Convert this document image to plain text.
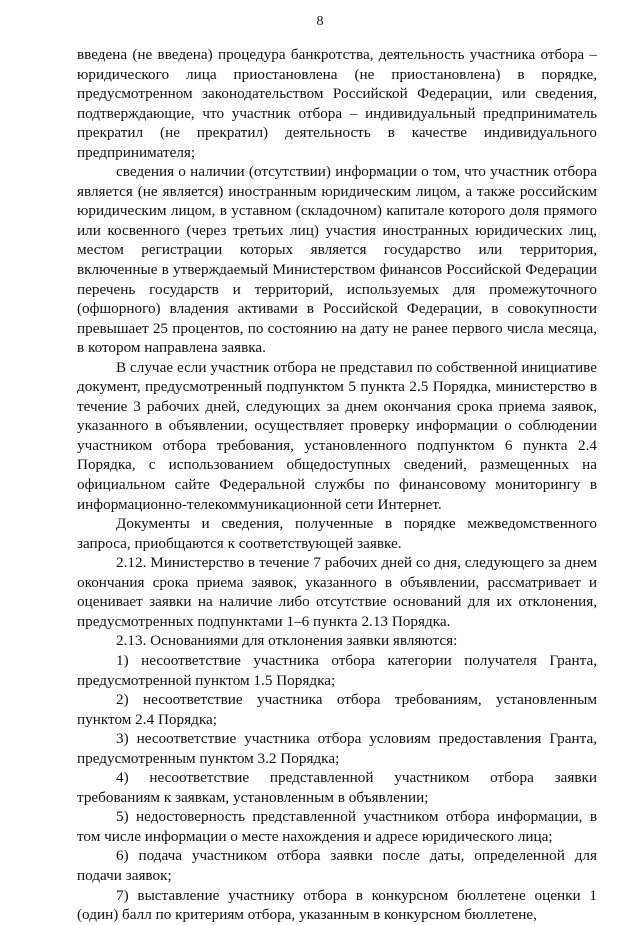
8

введена (не введена) процедура банкротства, деятельность участника отбора – юридического лица приостановлена (не приостановлена) в порядке, предусмотренном законодательством Российской Федерации, или сведения, подтверждающие, что участник отбора – индивидуальный предприниматель прекратил (не прекратил) деятельность в качестве индивидуального предпринимателя;

сведения о наличии (отсутствии) информации о том, что участник отбора является (не является) иностранным юридическим лицом, а также российским юридическим лицом, в уставном (складочном) капитале которого доля прямого или косвенного (через третьих лиц) участия иностранных юридических лиц, местом регистрации которых является государство или территория, включенные в утверждаемый Министерством финансов Российской Федерации перечень государств и территорий, используемых для промежуточного (офшорного) владения активами в Российской Федерации, в совокупности превышает 25 процентов, по состоянию на дату не ранее первого числа месяца, в котором направлена заявка.

В случае если участник отбора не представил по собственной инициативе документ, предусмотренный подпунктом 5 пункта 2.5 Порядка, министерство в течение 3 рабочих дней, следующих за днем окончания срока приема заявок, указанного в объявлении, осуществляет проверку информации о соблюдении участником отбора требования, установленного подпунктом 6 пункта 2.4 Порядка, с использованием общедоступных сведений, размещенных на официальном сайте Федеральной службы по финансовому мониторингу в информационно-телекоммуникационной сети Интернет.

Документы и сведения, полученные в порядке межведомственного запроса, приобщаются к соответствующей заявке.

2.12. Министерство в течение 7 рабочих дней со дня, следующего за днем окончания срока приема заявок, указанного в объявлении, рассматривает и оценивает заявки на наличие либо отсутствие оснований для их отклонения, предусмотренных подпунктами 1–6 пункта 2.13 Порядка.

2.13. Основаниями для отклонения заявки являются:

1) несоответствие участника отбора категории получателя Гранта, предусмотренной пунктом 1.5 Порядка;

2) несоответствие участника отбора требованиям, установленным пунктом 2.4 Порядка;

3) несоответствие участника отбора условиям предоставления Гранта, предусмотренным пунктом 3.2 Порядка;

4) несоответствие представленной участником отбора заявки требованиям к заявкам, установленным в объявлении;

5) недостоверность представленной участником отбора информации, в том числе информации о месте нахождения и адресе юридического лица;

6) подача участником отбора заявки после даты, определенной для подачи заявок;

7) выставление участнику отбора в конкурсном бюллетене оценки 1 (один) балл по критериям отбора, указанным в конкурсном бюллетене,
